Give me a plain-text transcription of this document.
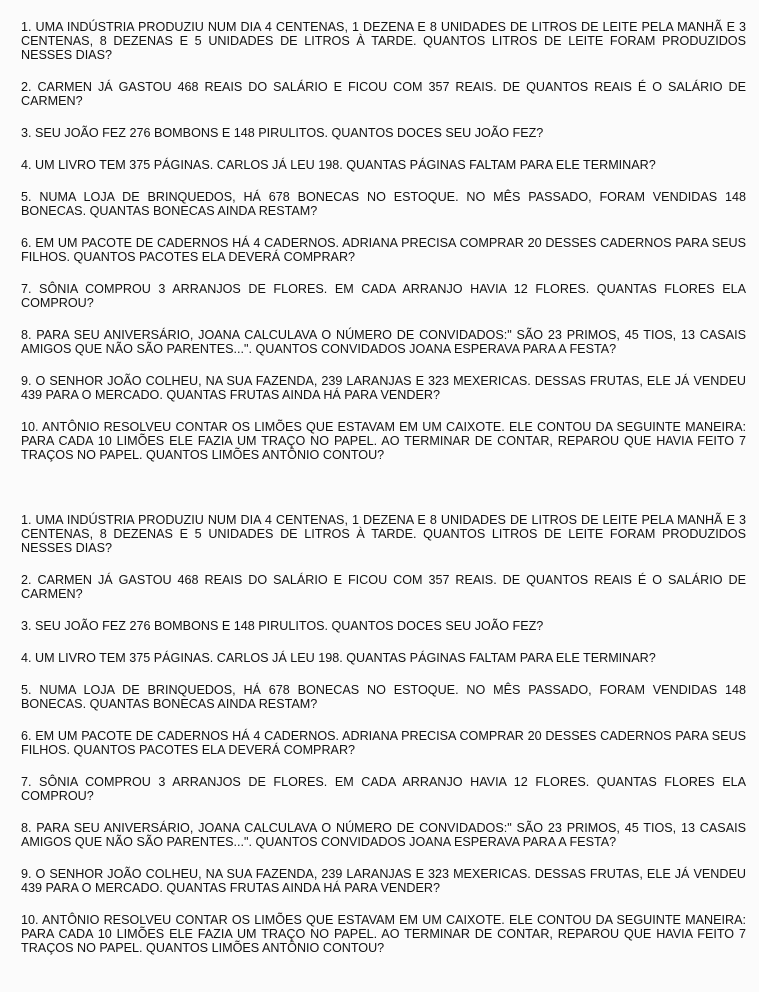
1. UMA INDÚSTRIA PRODUZIU NUM DIA 4 CENTENAS, 1 DEZENA E 8 UNIDADES DE LITROS DE LEITE PELA MANHÃ E 3 CENTENAS, 8 DEZENAS E 5 UNIDADES DE LITROS À TARDE. QUANTOS LITROS DE LEITE FORAM PRODUZIDOS NESSES DIAS?

2. CARMEN JÁ GASTOU 468 REAIS DO SALÁRIO E FICOU COM 357 REAIS. DE QUANTOS REAIS É O SALÁRIO DE CARMEN?

3. SEU JOÃO FEZ 276 BOMBONS E 148 PIRULITOS. QUANTOS DOCES SEU JOÃO FEZ?

4. UM LIVRO TEM 375 PÁGINAS. CARLOS JÁ LEU 198. QUANTAS PÁGINAS FALTAM PARA ELE TERMINAR?

5. NUMA LOJA DE BRINQUEDOS, HÁ 678 BONECAS NO ESTOQUE. NO MÊS PASSADO, FORAM VENDIDAS 148 BONECAS. QUANTAS BONECAS AINDA RESTAM?

6. EM UM PACOTE DE CADERNOS HÁ 4 CADERNOS. ADRIANA PRECISA COMPRAR 20 DESSES CADERNOS PARA SEUS FILHOS. QUANTOS PACOTES ELA DEVERÁ COMPRAR?

7. SÔNIA COMPROU 3 ARRANJOS DE FLORES. EM CADA ARRANJO HAVIA 12 FLORES. QUANTAS FLORES ELA COMPROU?

8. PARA SEU ANIVERSÁRIO, JOANA CALCULAVA O NÚMERO DE CONVIDADOS:" SÃO 23 PRIMOS, 45 TIOS, 13 CASAIS AMIGOS QUE NÃO SÃO PARENTES...". QUANTOS CONVIDADOS JOANA ESPERAVA PARA A FESTA?

9. O SENHOR JOÃO COLHEU, NA SUA FAZENDA, 239 LARANJAS E 323 MEXERICAS. DESSAS FRUTAS, ELE JÁ VENDEU 439 PARA O MERCADO. QUANTAS FRUTAS AINDA HÁ PARA VENDER?

10. ANTÔNIO RESOLVEU CONTAR OS LIMÕES QUE ESTAVAM EM UM CAIXOTE. ELE CONTOU DA SEGUINTE MANEIRA: PARA CADA 10 LIMÕES ELE FAZIA UM TRAÇO NO PAPEL. AO TERMINAR DE CONTAR, REPAROU QUE HAVIA FEITO 7 TRAÇOS NO PAPEL. QUANTOS LIMÕES ANTÔNIO CONTOU?

1. UMA INDÚSTRIA PRODUZIU NUM DIA 4 CENTENAS, 1 DEZENA E 8 UNIDADES DE LITROS DE LEITE PELA MANHÃ E 3 CENTENAS, 8 DEZENAS E 5 UNIDADES DE LITROS À TARDE. QUANTOS LITROS DE LEITE FORAM PRODUZIDOS NESSES DIAS?

2. CARMEN JÁ GASTOU 468 REAIS DO SALÁRIO E FICOU COM 357 REAIS. DE QUANTOS REAIS É O SALÁRIO DE CARMEN?

3. SEU JOÃO FEZ 276 BOMBONS E 148 PIRULITOS. QUANTOS DOCES SEU JOÃO FEZ?

4. UM LIVRO TEM 375 PÁGINAS. CARLOS JÁ LEU 198. QUANTAS PÁGINAS FALTAM PARA ELE TERMINAR?

5. NUMA LOJA DE BRINQUEDOS, HÁ 678 BONECAS NO ESTOQUE. NO MÊS PASSADO, FORAM VENDIDAS 148 BONECAS. QUANTAS BONECAS AINDA RESTAM?

6. EM UM PACOTE DE CADERNOS HÁ 4 CADERNOS. ADRIANA PRECISA COMPRAR 20 DESSES CADERNOS PARA SEUS FILHOS. QUANTOS PACOTES ELA DEVERÁ COMPRAR?

7. SÔNIA COMPROU 3 ARRANJOS DE FLORES. EM CADA ARRANJO HAVIA 12 FLORES. QUANTAS FLORES ELA COMPROU?

8. PARA SEU ANIVERSÁRIO, JOANA CALCULAVA O NÚMERO DE CONVIDADOS:" SÃO 23 PRIMOS, 45 TIOS, 13 CASAIS AMIGOS QUE NÃO SÃO PARENTES...". QUANTOS CONVIDADOS JOANA ESPERAVA PARA A FESTA?

9. O SENHOR JOÃO COLHEU, NA SUA FAZENDA, 239 LARANJAS E 323 MEXERICAS. DESSAS FRUTAS, ELE JÁ VENDEU 439 PARA O MERCADO. QUANTAS FRUTAS AINDA HÁ PARA VENDER?

10. ANTÔNIO RESOLVEU CONTAR OS LIMÕES QUE ESTAVAM EM UM CAIXOTE. ELE CONTOU DA SEGUINTE MANEIRA: PARA CADA 10 LIMÕES ELE FAZIA UM TRAÇO NO PAPEL. AO TERMINAR DE CONTAR, REPAROU QUE HAVIA FEITO 7 TRAÇOS NO PAPEL. QUANTOS LIMÕES ANTÔNIO CONTOU?
